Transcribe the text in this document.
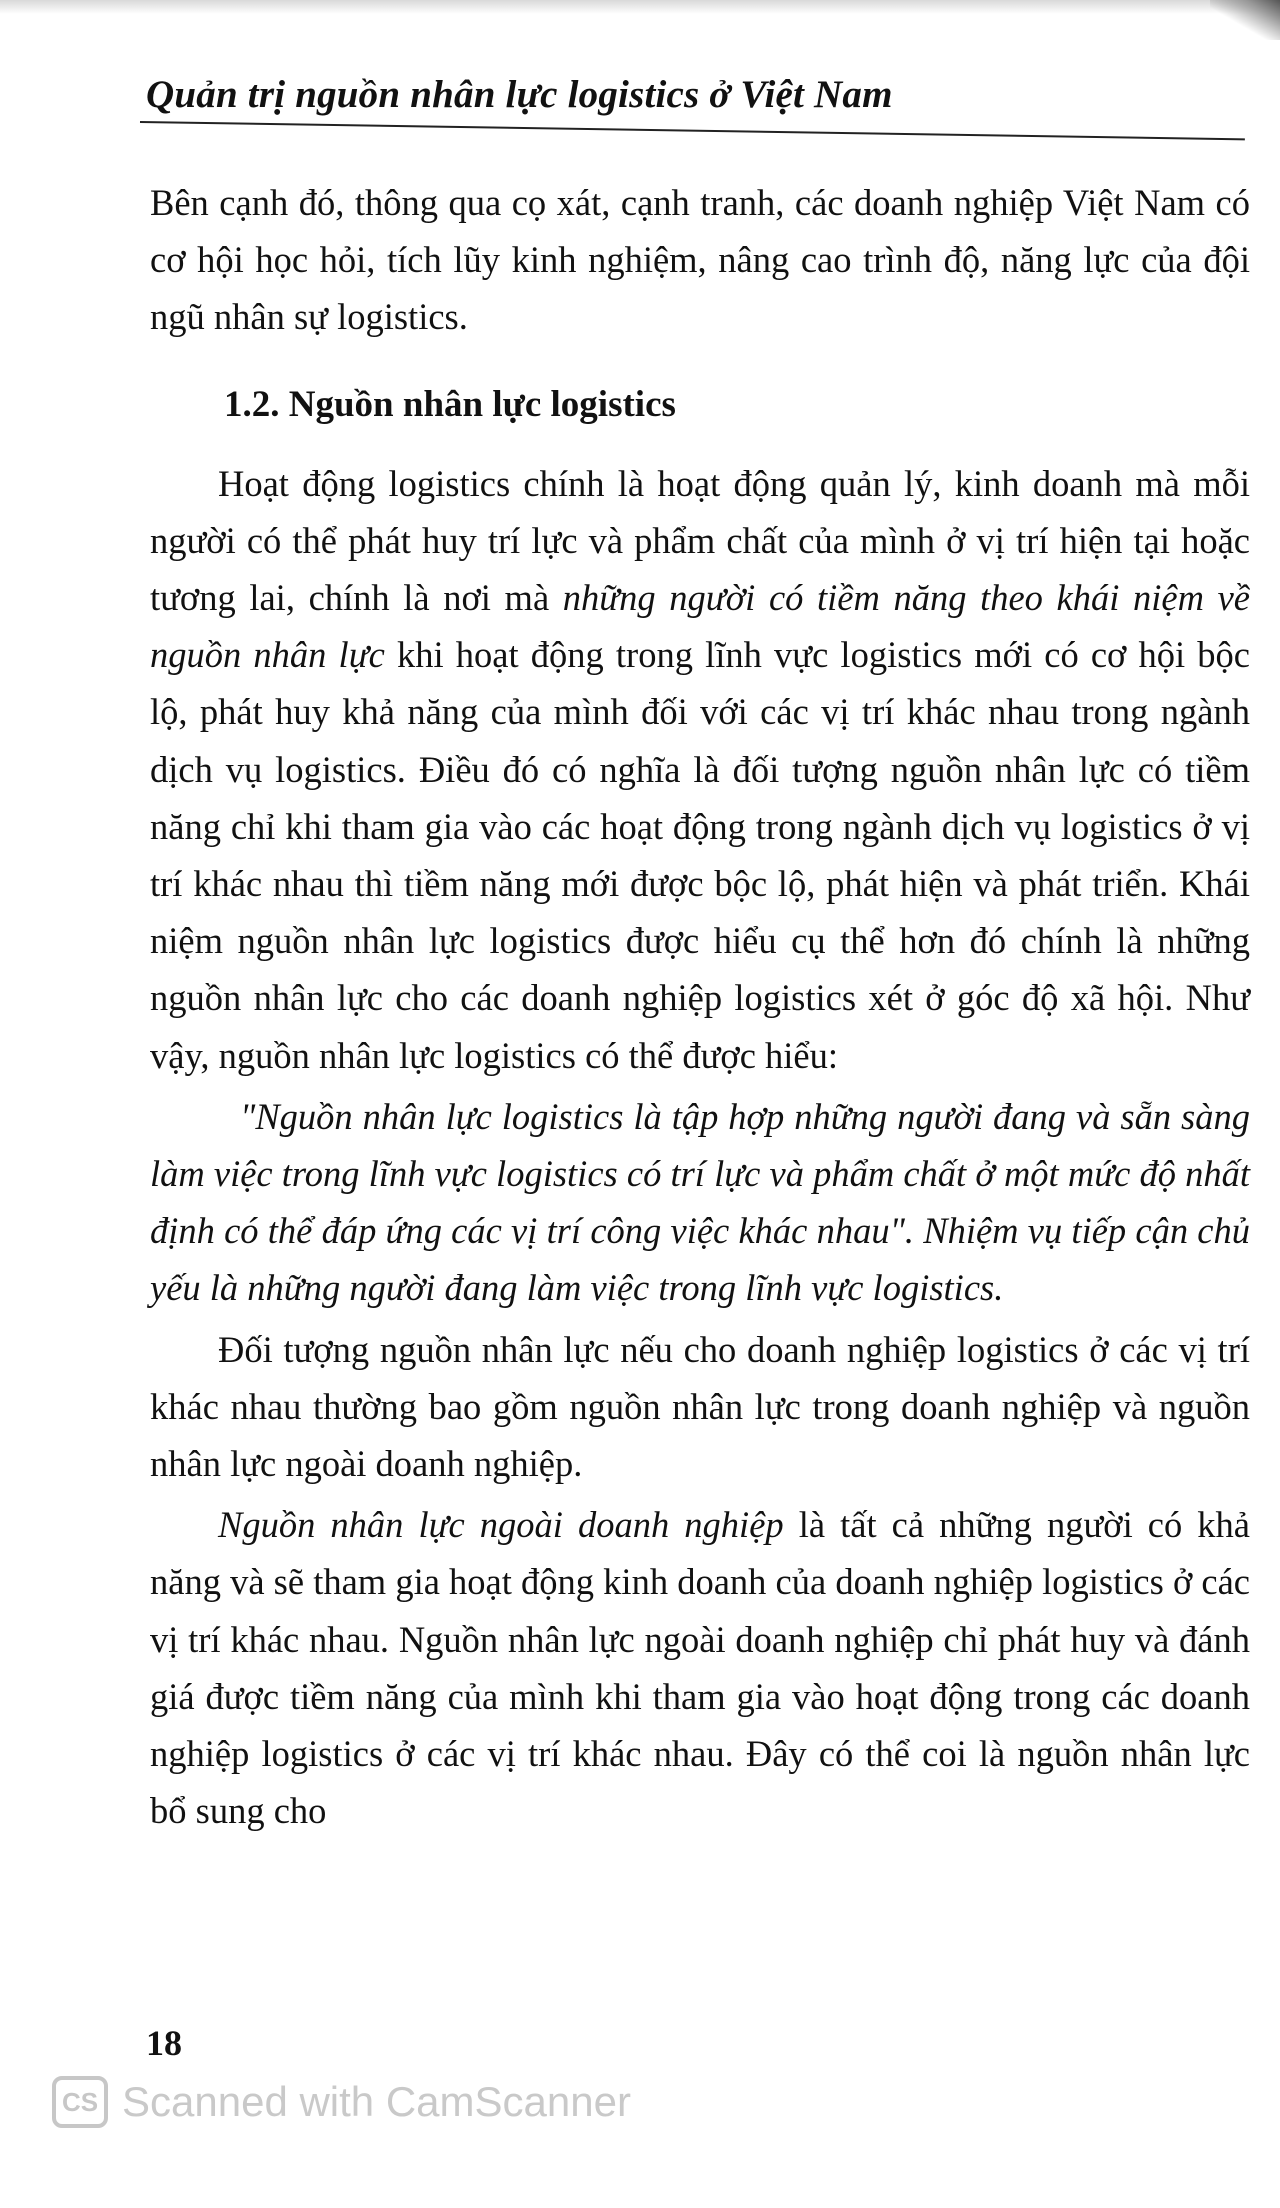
Quản trị nguồn nhân lực logistics ở Việt Nam

Bên cạnh đó, thông qua cọ xát, cạnh tranh, các doanh nghiệp Việt Nam có cơ hội học hỏi, tích lũy kinh nghiệm, nâng cao trình độ, năng lực của đội ngũ nhân sự logistics.

1.2. Nguồn nhân lực logistics

Hoạt động logistics chính là hoạt động quản lý, kinh doanh mà mỗi người có thể phát huy trí lực và phẩm chất của mình ở vị trí hiện tại hoặc tương lai, chính là nơi mà những người có tiềm năng theo khái niệm về nguồn nhân lực khi hoạt động trong lĩnh vực logistics mới có cơ hội bộc lộ, phát huy khả năng của mình đối với các vị trí khác nhau trong ngành dịch vụ logistics. Điều đó có nghĩa là đối tượng nguồn nhân lực có tiềm năng chỉ khi tham gia vào các hoạt động trong ngành dịch vụ logistics ở vị trí khác nhau thì tiềm năng mới được bộc lộ, phát hiện và phát triển. Khái niệm nguồn nhân lực logistics được hiểu cụ thể hơn đó chính là những nguồn nhân lực cho các doanh nghiệp logistics xét ở góc độ xã hội. Như vậy, nguồn nhân lực logistics có thể được hiểu:

"Nguồn nhân lực logistics là tập hợp những người đang và sẵn sàng làm việc trong lĩnh vực logistics có trí lực và phẩm chất ở một mức độ nhất định có thể đáp ứng các vị trí công việc khác nhau". Nhiệm vụ tiếp cận chủ yếu là những người đang làm việc trong lĩnh vực logistics.

Đối tượng nguồn nhân lực nếu cho doanh nghiệp logistics ở các vị trí khác nhau thường bao gồm nguồn nhân lực trong doanh nghiệp và nguồn nhân lực ngoài doanh nghiệp.

Nguồn nhân lực ngoài doanh nghiệp là tất cả những người có khả năng và sẽ tham gia hoạt động kinh doanh của doanh nghiệp logistics ở các vị trí khác nhau. Nguồn nhân lực ngoài doanh nghiệp chỉ phát huy và đánh giá được tiềm năng của mình khi tham gia vào hoạt động trong các doanh nghiệp logistics ở các vị trí khác nhau. Đây có thể coi là nguồn nhân lực bổ sung cho

18
CS Scanned with CamScanner
